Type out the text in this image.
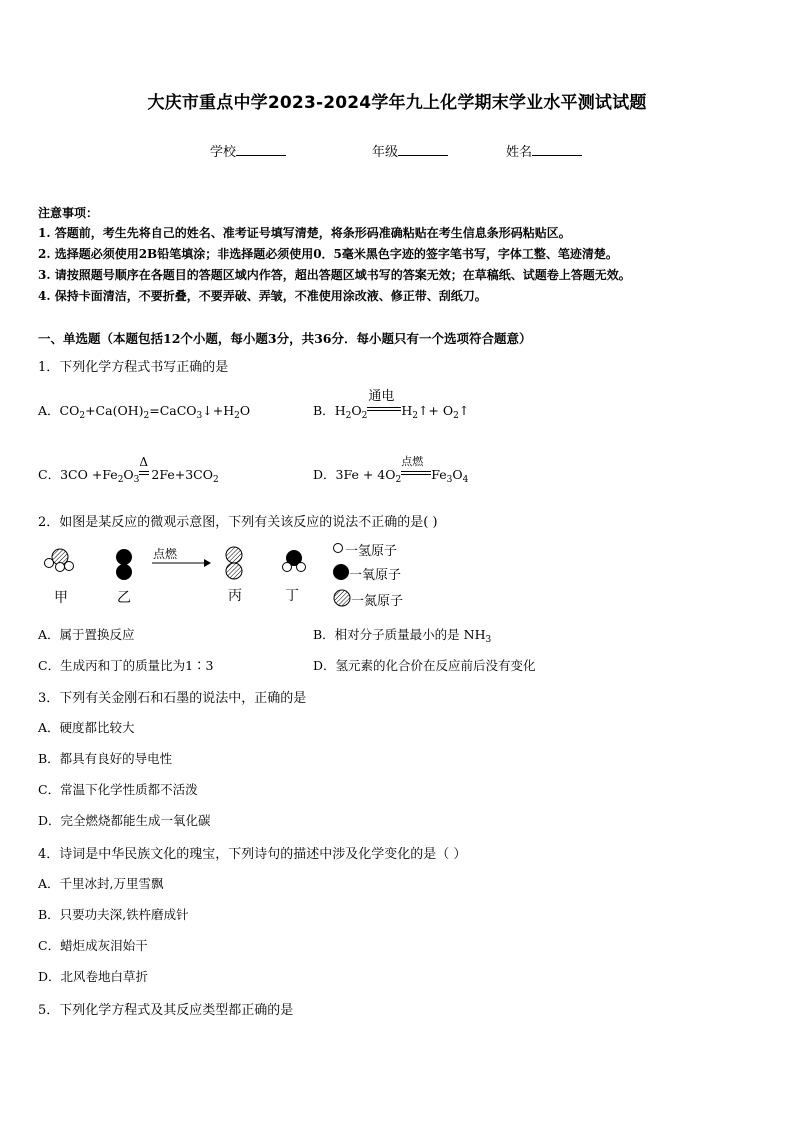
大庆市重点中学2023-2024学年九上化学期末学业水平测试试题
学校	年级	姓名
注意事项：
1. 答题前，考生先将自己的姓名、准考证号填写清楚，将条形码准确粘贴在考生信息条形码粘贴区。
2. 选择题必须使用2B铅笔填涂；非选择题必须使用0．5毫米黑色字迹的签字笔书写，字体工整、笔迹清楚。
3. 请按照题号顺序在各题目的答题区域内作答，超出答题区域书写的答案无效；在草稿纸、试题卷上答题无效。
4. 保持卡面清洁，不要折叠，不要弄破、弄皱，不准使用涂改液、修正带、刮纸刀。
一、单选题（本题包括12个小题，每小题3分，共36分．每小题只有一个选项符合题意）
1．下列化学方程式书写正确的是
A．$CO_2+Ca(OH)_2=CaCO_3↓+H_2O$	B．$H_2O_2$
通电
$H_2↑+$ $O_2↑$
C．$3CO +Fe_2O_3$
Δ
$2Fe+3CO_2$	D．$3Fe + 4O_2$
点燃
$Fe_3O_4$
2．如图是某反应的微观示意图，下列有关该反应的说法不正确的是( )
点燃
甲	乙	丙	丁
一氢原子
一氧原子
一氮原子
A．属于置换反应	B．相对分子质量最小的是 $NH_3$
C．生成丙和丁的质量比为1∶3	D．氢元素的化合价在反应前后没有变化
3．下列有关金刚石和石墨的说法中，正确的是
A．硬度都比较大
B．都具有良好的导电性
C．常温下化学性质都不活泼
D．完全燃烧都能生成一氧化碳
4．诗词是中华民族文化的瑰宝，下列诗句的描述中涉及化学变化的是（ ）
A．千里冰封,万里雪飘
B．只要功夫深,铁杵磨成针
C．蜡炬成灰泪始干
D．北风卷地白草折
5．下列化学方程式及其反应类型都正确的是
